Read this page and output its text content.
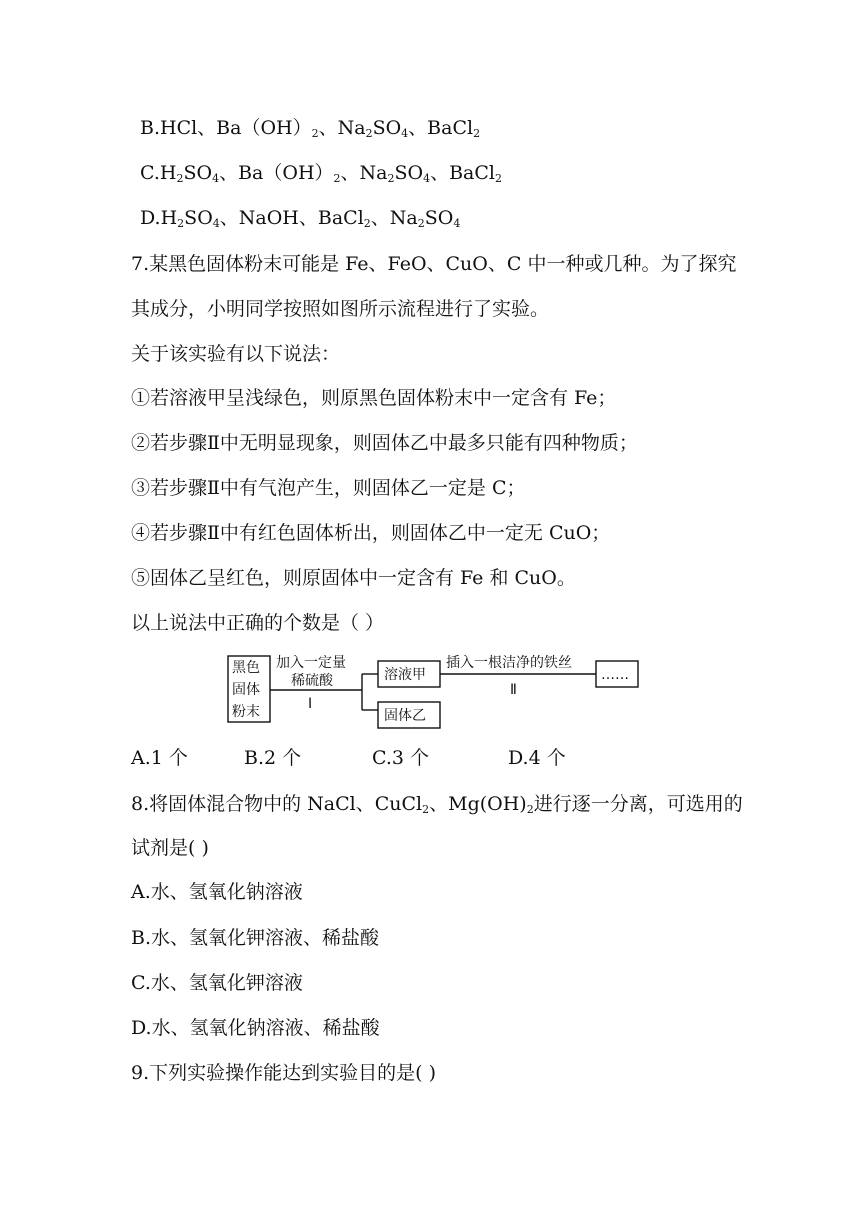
B.HCl、$Ba(OH)_2$、$Na_2SO_4$、BaCl$_2$
$C.H_2SO_4$、$Ba(OH)_2$、$Na_2SO_4$、BaCl$_2$
$D.H_2SO_4$、NaOH、BaCl$_2$、$Na_2SO_4$
7.某黑色固体粉末可能是 Fe、FeO、CuO、C 中一种或几种。为了探究
其成分，小明同学按照如图所示流程进行了实验。
关于该实验有以下说法：
①若溶液甲呈浅绿色，则原黑色固体粉末中一定含有 Fe；
②若步骤Ⅱ中无明显现象，则固体乙中最多只能有四种物质；
③若步骤Ⅱ中有气泡产生，则固体乙一定是 C；
④若步骤Ⅱ中有红色固体析出，则固体乙中一定无 CuO；
⑤固体乙呈红色，则原固体中一定含有 Fe 和 CuO。
以上说法中正确的个数是（ ）
黑色
固体
粉末
加入一定量
稀硫酸
Ⅰ
溶液甲
固体乙
插入一根洁净的铁丝
Ⅱ
……
A.1 个	B.2 个	C.3 个	D.4 个
8.将固体混合物中的 NaCl、CuCl$_2$、$Mg(OH)_2$进行逐一分离，可选用的
试剂是( )
A.水、氢氧化钠溶液
B.水、氢氧化钾溶液、稀盐酸
C.水、氢氧化钾溶液
D.水、氢氧化钠溶液、稀盐酸
9.下列实验操作能达到实验目的是( )
